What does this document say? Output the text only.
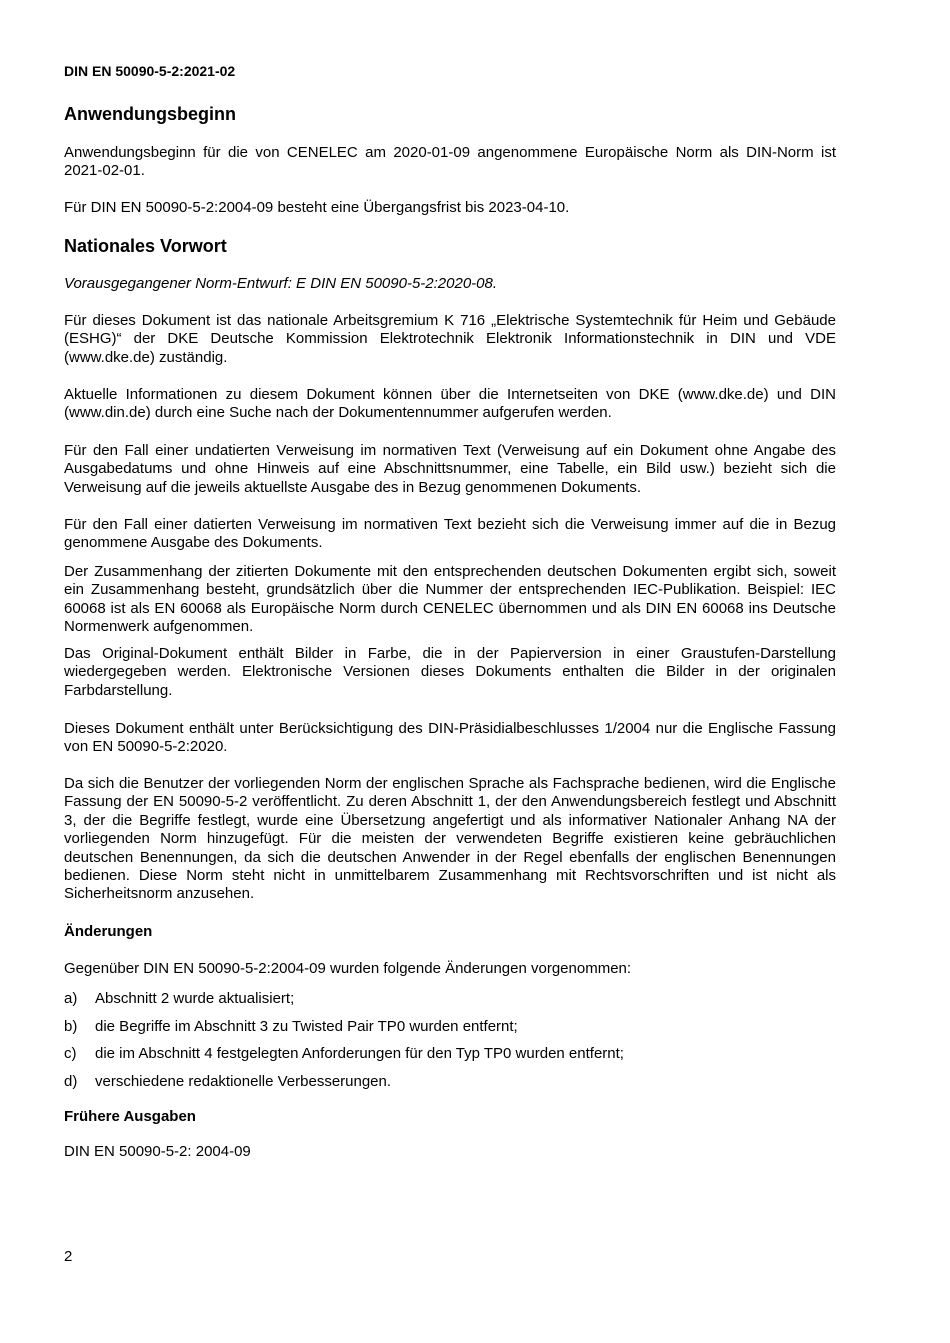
DIN EN 50090-5-2:2021-02
Anwendungsbeginn

Anwendungsbeginn für die von CENELEC am 2020-01-09 angenommene Europäische Norm als DIN-Norm ist 2021-02-01.

Für DIN EN 50090-5-2:2004-09 besteht eine Übergangsfrist bis 2023-04-10.

Nationales Vorwort

Vorausgegangener Norm-Entwurf: E DIN EN 50090-5-2:2020-08.

Für dieses Dokument ist das nationale Arbeitsgremium K 716 „Elektrische Systemtechnik für Heim und Gebäude (ESHG)“ der DKE Deutsche Kommission Elektrotechnik Elektronik Informationstechnik in DIN und VDE (www.dke.de) zuständig.

Aktuelle Informationen zu diesem Dokument können über die Internetseiten von DKE (www.dke.de) und DIN (www.din.de) durch eine Suche nach der Dokumentennummer aufgerufen werden.

Für den Fall einer undatierten Verweisung im normativen Text (Verweisung auf ein Dokument ohne Angabe des Ausgabedatums und ohne Hinweis auf eine Abschnittsnummer, eine Tabelle, ein Bild usw.) bezieht sich die Verweisung auf die jeweils aktuellste Ausgabe des in Bezug genommenen Dokuments.

Für den Fall einer datierten Verweisung im normativen Text bezieht sich die Verweisung immer auf die in Bezug genommene Ausgabe des Dokuments.

Der Zusammenhang der zitierten Dokumente mit den entsprechenden deutschen Dokumenten ergibt sich, soweit ein Zusammenhang besteht, grundsätzlich über die Nummer der entsprechenden IEC-Publikation. Beispiel: IEC 60068 ist als EN 60068 als Europäische Norm durch CENELEC übernommen und als DIN EN 60068 ins Deutsche Normenwerk aufgenommen.

Das Original-Dokument enthält Bilder in Farbe, die in der Papierversion in einer Graustufen-Darstellung wiedergegeben werden. Elektronische Versionen dieses Dokuments enthalten die Bilder in der originalen Farbdarstellung.

Dieses Dokument enthält unter Berücksichtigung des DIN-Präsidialbeschlusses 1/2004 nur die Englische Fassung von EN 50090-5-2:2020.

Da sich die Benutzer der vorliegenden Norm der englischen Sprache als Fachsprache bedienen, wird die Englische Fassung der EN 50090-5-2 veröffentlicht. Zu deren Abschnitt 1, der den Anwendungsbereich festlegt und Abschnitt 3, der die Begriffe festlegt, wurde eine Übersetzung angefertigt und als informativer Nationaler Anhang NA der vorliegenden Norm hinzugefügt. Für die meisten der verwendeten Begriffe existieren keine gebräuchlichen deutschen Benennungen, da sich die deutschen Anwender in der Regel ebenfalls der englischen Benennungen bedienen. Diese Norm steht nicht in unmittelbarem Zusammenhang mit Rechtsvorschriften und ist nicht als Sicherheitsnorm anzusehen.

Änderungen

Gegenüber DIN EN 50090-5-2:2004-09 wurden folgende Änderungen vorgenommen:

a) Abschnitt 2 wurde aktualisiert;
b) die Begriffe im Abschnitt 3 zu Twisted Pair TP0 wurden entfernt;
c) die im Abschnitt 4 festgelegten Anforderungen für den Typ TP0 wurden entfernt;
d) verschiedene redaktionelle Verbesserungen.
Frühere Ausgaben

DIN EN 50090-5-2: 2004-09

2
